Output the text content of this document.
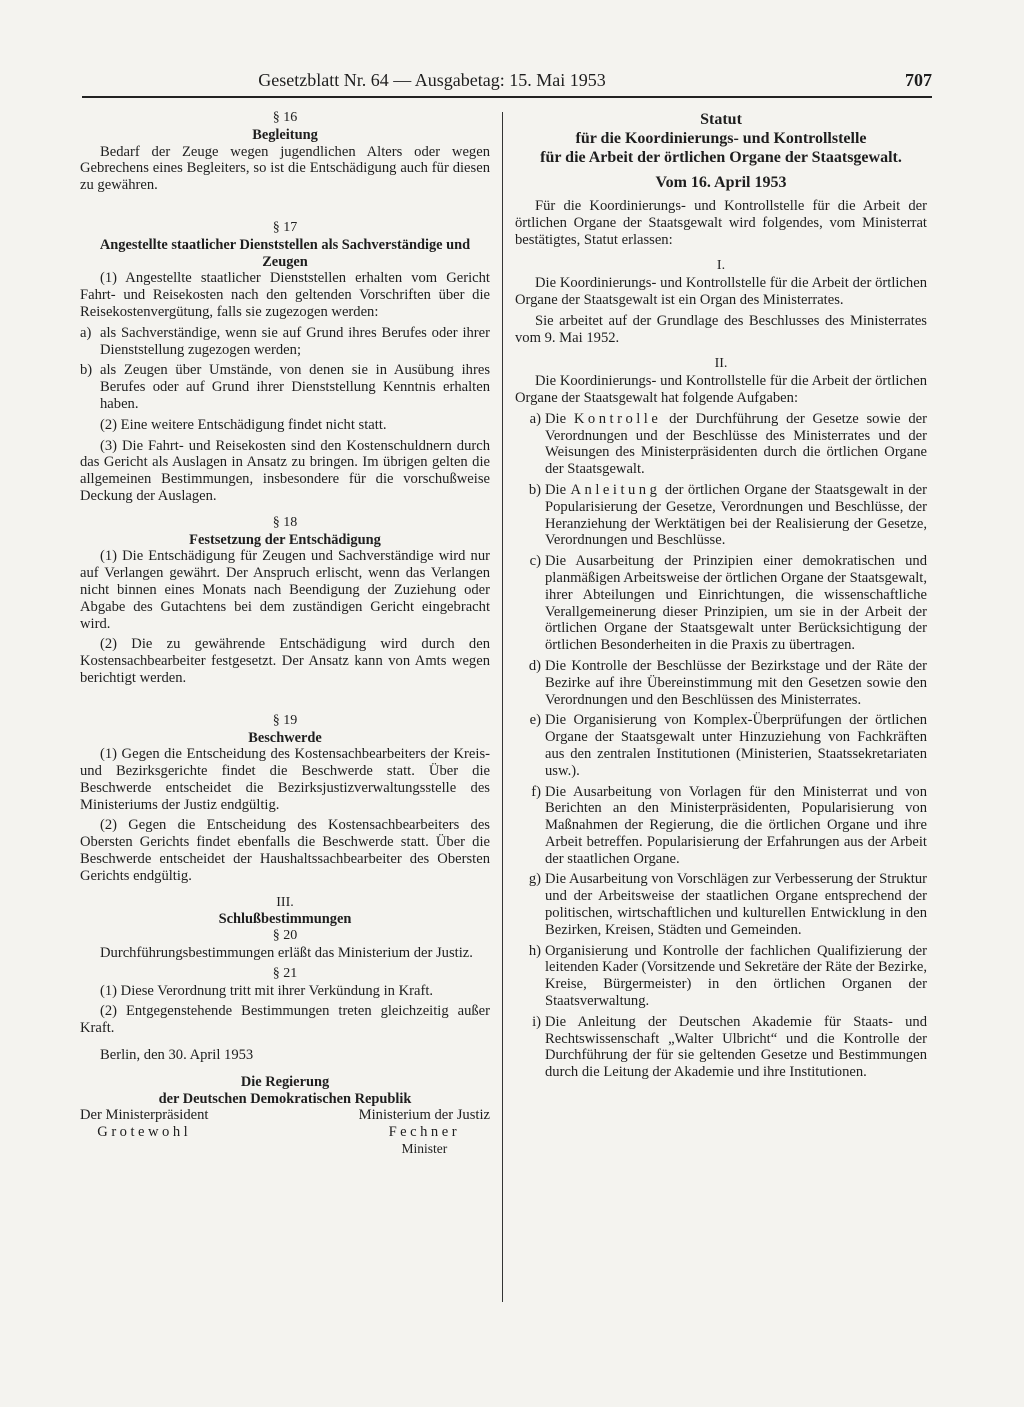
Gesetzblatt Nr. 64 — Ausgabetag: 15. Mai 1953	707

§ 16

Begleitung

Bedarf der Zeuge wegen jugendlichen Alters oder wegen Gebrechens eines Begleiters, so ist die Entschädigung auch für diesen zu gewähren.

§ 17

Angestellte staatlicher Dienststellen als Sachverständige und Zeugen

(1) Angestellte staatlicher Dienststellen erhalten vom Gericht Fahrt- und Reisekosten nach den geltenden Vorschriften über die Reisekostenvergütung, falls sie zugezogen werden:

a) als Sachverständige, wenn sie auf Grund ihres Berufes oder ihrer Dienststellung zugezogen werden;
b) als Zeugen über Umstände, von denen sie in Ausübung ihres Berufes oder auf Grund ihrer Dienststellung Kenntnis erhalten haben.

(2) Eine weitere Entschädigung findet nicht statt.

(3) Die Fahrt- und Reisekosten sind den Kostenschuldnern durch das Gericht als Auslagen in Ansatz zu bringen. Im übrigen gelten die allgemeinen Bestimmungen, insbesondere für die vorschußweise Deckung der Auslagen.

§ 18

Festsetzung der Entschädigung

(1) Die Entschädigung für Zeugen und Sachverständige wird nur auf Verlangen gewährt. Der Anspruch erlischt, wenn das Verlangen nicht binnen eines Monats nach Beendigung der Zuziehung oder Abgabe des Gutachtens bei dem zuständigen Gericht eingebracht wird.

(2) Die zu gewährende Entschädigung wird durch den Kostensachbearbeiter festgesetzt. Der Ansatz kann von Amts wegen berichtigt werden.

§ 19

Beschwerde

(1) Gegen die Entscheidung des Kostensachbearbeiters der Kreis- und Bezirksgerichte findet die Beschwerde statt. Über die Beschwerde entscheidet die Bezirksjustizverwaltungsstelle des Ministeriums der Justiz endgültig.

(2) Gegen die Entscheidung des Kostensachbearbeiters des Obersten Gerichts findet ebenfalls die Beschwerde statt. Über die Beschwerde entscheidet der Haushaltssachbearbeiter des Obersten Gerichts endgültig.

III.

Schlußbestimmungen

§ 20

Durchführungsbestimmungen erläßt das Ministerium der Justiz.

§ 21

(1) Diese Verordnung tritt mit ihrer Verkündung in Kraft.

(2) Entgegenstehende Bestimmungen treten gleichzeitig außer Kraft.

Berlin, den 30. April 1953

Die Regierung

der Deutschen Demokratischen Republik

Der Ministerpräsident

Grotewohl

Ministerium der Justiz

Fechner

Minister

Statut

für die Koordinierungs- und Kontrollstelle

für die Arbeit der örtlichen Organe der Staatsgewalt.

Vom 16. April 1953

Für die Koordinierungs- und Kontrollstelle für die Arbeit der örtlichen Organe der Staatsgewalt wird folgendes, vom Ministerrat bestätigtes, Statut erlassen:

I.

Die Koordinierungs- und Kontrollstelle für die Arbeit der örtlichen Organe der Staatsgewalt ist ein Organ des Ministerrates.

Sie arbeitet auf der Grundlage des Beschlusses des Ministerrates vom 9. Mai 1952.

II.

Die Koordinierungs- und Kontrollstelle für die Arbeit der örtlichen Organe der Staatsgewalt hat folgende Aufgaben:

a) Die Kontrolle der Durchführung der Gesetze sowie der Verordnungen und der Beschlüsse des Ministerrates und der Weisungen des Ministerpräsidenten durch die örtlichen Organe der Staatsgewalt.
b) Die Anleitung der örtlichen Organe der Staatsgewalt in der Popularisierung der Gesetze, Verordnungen und Beschlüsse, der Heranziehung der Werktätigen bei der Realisierung der Gesetze, Verordnungen und Beschlüsse.
c) Die Ausarbeitung der Prinzipien einer demokratischen und planmäßigen Arbeitsweise der örtlichen Organe der Staatsgewalt, ihrer Abteilungen und Einrichtungen, die wissenschaftliche Verallgemeinerung dieser Prinzipien, um sie in der Arbeit der örtlichen Organe der Staatsgewalt unter Berücksichtigung der örtlichen Besonderheiten in die Praxis zu übertragen.
d) Die Kontrolle der Beschlüsse der Bezirkstage und der Räte der Bezirke auf ihre Übereinstimmung mit den Gesetzen sowie den Verordnungen und den Beschlüssen des Ministerrates.
e) Die Organisierung von Komplex-Überprüfungen der örtlichen Organe der Staatsgewalt unter Hinzuziehung von Fachkräften aus den zentralen Institutionen (Ministerien, Staatssekretariaten usw.).
f) Die Ausarbeitung von Vorlagen für den Ministerrat und von Berichten an den Ministerpräsidenten, Popularisierung von Maßnahmen der Regierung, die die örtlichen Organe und ihre Arbeit betreffen. Popularisierung der Erfahrungen aus der Arbeit der staatlichen Organe.
g) Die Ausarbeitung von Vorschlägen zur Verbesserung der Struktur und der Arbeitsweise der staatlichen Organe entsprechend der politischen, wirtschaftlichen und kulturellen Entwicklung in den Bezirken, Kreisen, Städten und Gemeinden.
h) Organisierung und Kontrolle der fachlichen Qualifizierung der leitenden Kader (Vorsitzende und Sekretäre der Räte der Bezirke, Kreise, Bürgermeister) in den örtlichen Organen der Staatsverwaltung.
i) Die Anleitung der Deutschen Akademie für Staats- und Rechtswissenschaft „Walter Ulbricht“ und die Kontrolle der Durchführung der für sie geltenden Gesetze und Bestimmungen durch die Leitung der Akademie und ihre Institutionen.
